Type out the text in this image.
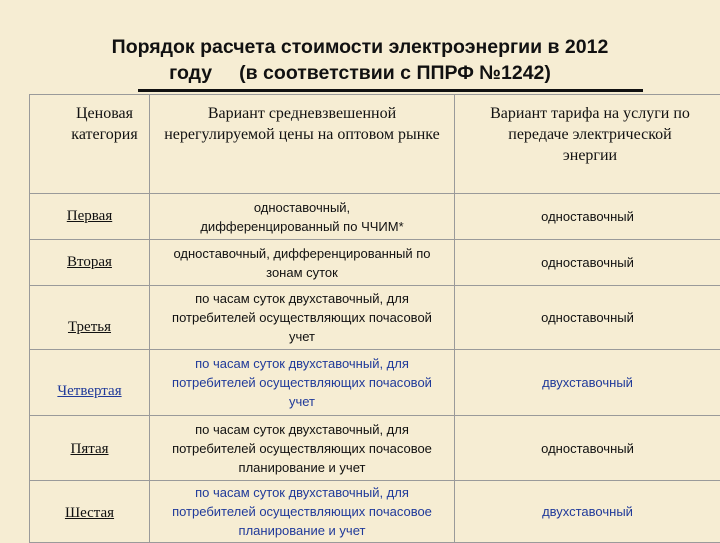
Порядок расчета стоимости электроэнергии в 2012
году     (в соответствии с ППРФ №1242)
Ценовая категория	Вариант средневзвешенной нерегулируемой цены на оптовом рынке	Вариант тарифа на услуги по передаче электрической энергии
Первая	одноставочный, дифференцированный по ЧЧИМ*	одноставочный
Вторая	одноставочный, дифференцированный по зонам суток	одноставочный
Третья	по часам суток двухставочный, для потребителей осуществляющих почасовой учет	одноставочный
Четвертая	по часам суток двухставочный, для потребителей осуществляющих почасовой учет	двухставочный
Пятая	по часам суток двухставочный, для потребителей осуществляющих почасовое планирование и учет	одноставочный
Шестая	по часам суток двухставочный, для потребителей осуществляющих почасовое планирование и учет	двухставочный
